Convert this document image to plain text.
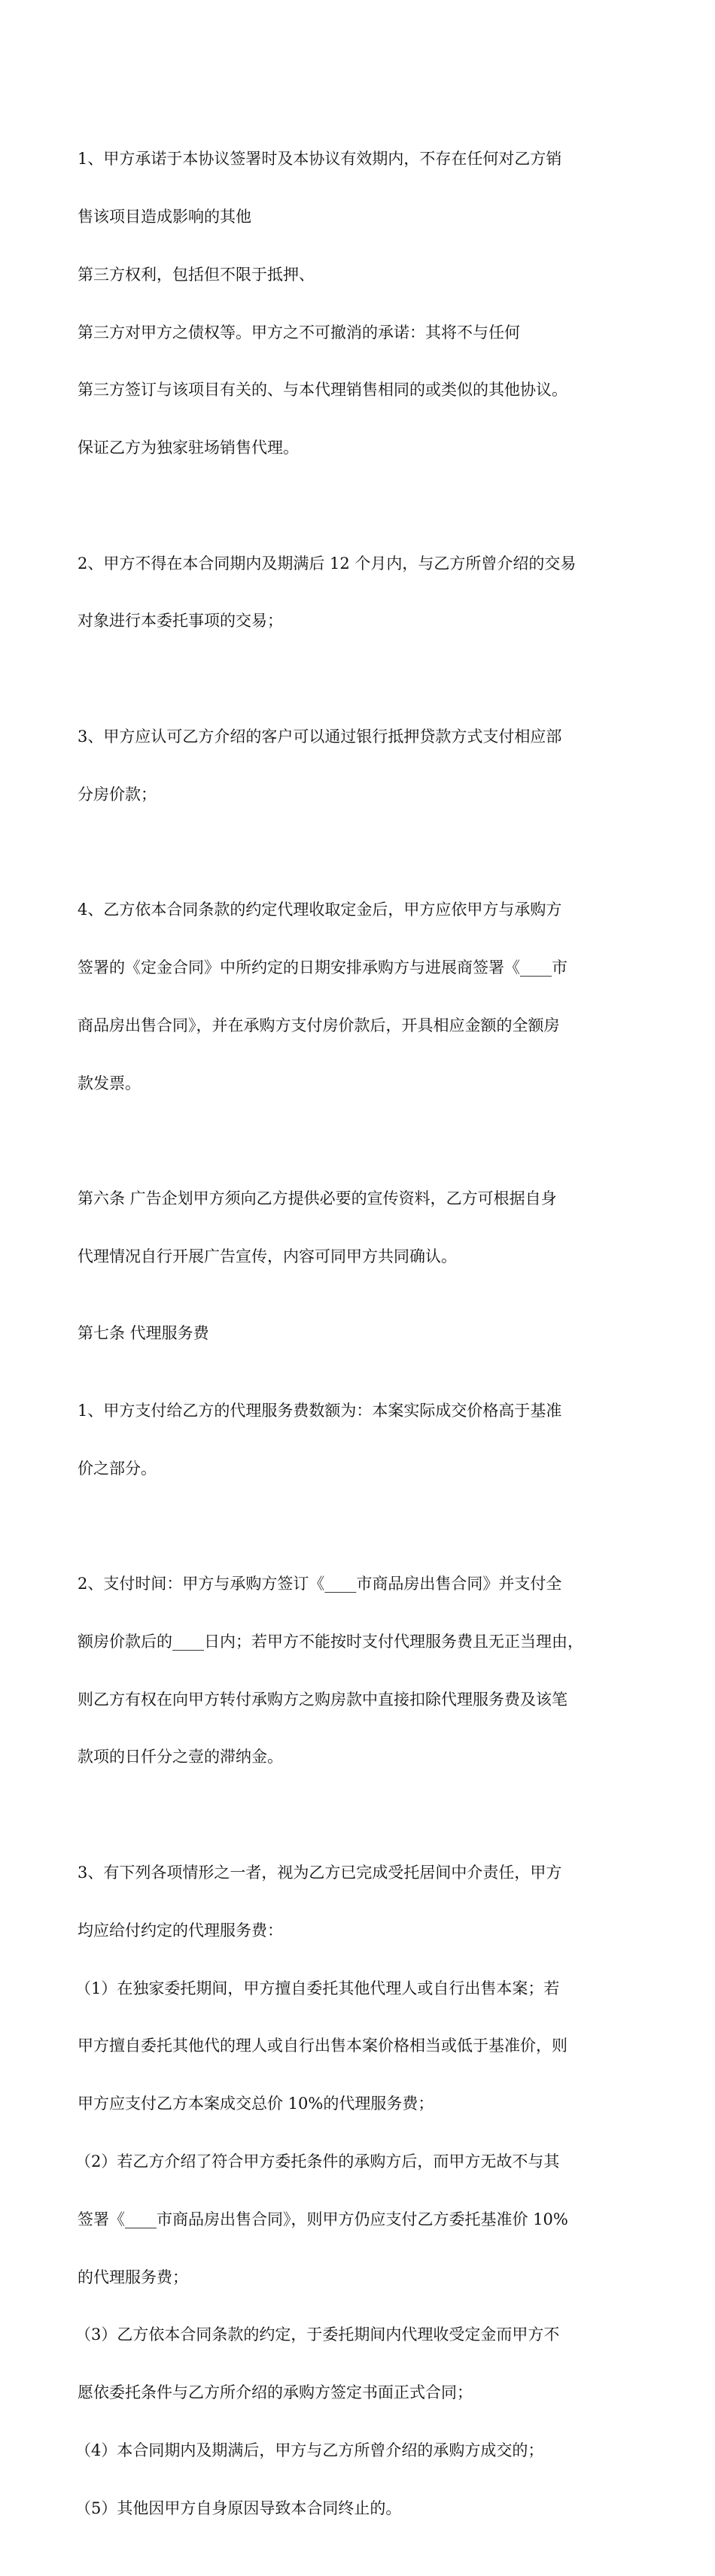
1、甲方承诺于本协议签署时及本协议有效期内，不存在任何对乙方销

售该项目造成影响的其他

第三方权利，包括但不限于抵押、

第三方对甲方之债权等。甲方之不可撤消的承诺：其将不与任何

第三方签订与该项目有关的、与本代理销售相同的或类似的其他协议。

保证乙方为独家驻场销售代理。

2、甲方不得在本合同期内及期满后 12 个月内，与乙方所曾介绍的交易

对象进行本委托事项的交易；

3、甲方应认可乙方介绍的客户可以通过银行抵押贷款方式支付相应部

分房价款；

4、乙方依本合同条款的约定代理收取定金后，甲方应依甲方与承购方

签署的《定金合同》中所约定的日期安排承购方与进展商签署《____市

商品房出售合同》，并在承购方支付房价款后，开具相应金额的全额房

款发票。

第六条 广告企划甲方须向乙方提供必要的宣传资料，乙方可根据自身

代理情况自行开展广告宣传，内容可同甲方共同确认。

第七条 代理服务费

1、甲方支付给乙方的代理服务费数额为：本案实际成交价格高于基准

价之部分。

2、支付时间：甲方与承购方签订《____市商品房出售合同》并支付全

额房价款后的____日内；若甲方不能按时支付代理服务费且无正当理由，

则乙方有权在向甲方转付承购方之购房款中直接扣除代理服务费及该笔

款项的日仟分之壹的滞纳金。

3、有下列各项情形之一者，视为乙方已完成受托居间中介责任，甲方

均应给付约定的代理服务费：

（1）在独家委托期间，甲方擅自委托其他代理人或自行出售本案；若

甲方擅自委托其他代的理人或自行出售本案价格相当或低于基准价，则

甲方应支付乙方本案成交总价 10%的代理服务费；

（2）若乙方介绍了符合甲方委托条件的承购方后，而甲方无故不与其

签署《____市商品房出售合同》，则甲方仍应支付乙方委托基准价 10%

的代理服务费；

（3）乙方依本合同条款的约定，于委托期间内代理收受定金而甲方不

愿依委托条件与乙方所介绍的承购方签定书面正式合同；

（4）本合同期内及期满后，甲方与乙方所曾介绍的承购方成交的；

（5）其他因甲方自身原因导致本合同终止的。
